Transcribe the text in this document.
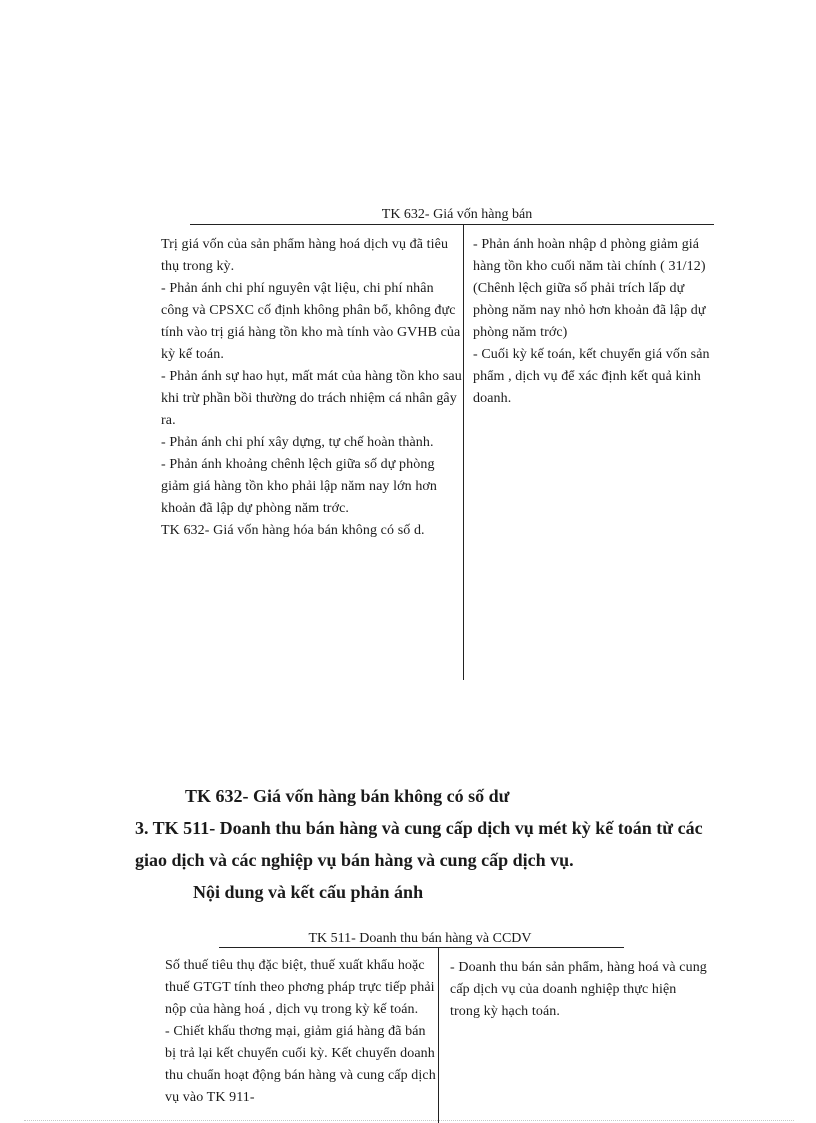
TK 632- Giá vốn hàng bán

Trị giá vốn của sản phẩm hàng hoá dịch vụ đã tiêu thụ trong kỳ.

- Phản ánh chi phí nguyên vật liệu, chi phí nhân công và CPSXC cố định không phân bổ, không đực tính vào trị giá hàng tồn kho mà tính vào GVHB của kỳ kế toán.

- Phản ánh sự hao hụt, mất mát của hàng tồn kho sau khi trừ phần bồi thường do trách nhiệm cá nhân gây ra.

- Phản ánh chi phí xây dựng, tự chế hoàn thành.

- Phản ánh khoảng chênh lệch giữa số dự phòng giảm giá hàng tồn kho phải lập năm nay lớn hơn khoản đã lập dự phòng năm trớc.

TK 632- Giá vốn hàng hóa bán không có số d.

- Phản ánh hoàn nhập d phòng giảm giá hàng tồn kho cuối năm tài chính ( 31/12) (Chênh lệch giữa số phải trích lấp dự phòng năm nay nhỏ hơn khoản đã lập dự phòng năm trớc)

- Cuối kỳ kế toán, kết chuyển giá vốn sản phẩm , dịch vụ để xác định kết quả kinh doanh.

TK 632- Giá vốn hàng bán không có số dư
3. TK 511- Doanh thu bán hàng và cung cấp dịch vụ mét kỳ kế toán từ các
giao dịch và các nghiệp vụ bán hàng và cung cấp dịch vụ.
Nội dung và kết cấu phản ánh
TK 511- Doanh thu bán hàng và CCDV

Số thuế tiêu thụ đặc biệt, thuế xuất khẩu hoặc thuế GTGT tính theo phơng pháp trực tiếp phải nộp của hàng hoá , dịch vụ trong kỳ kế toán.

- Chiết khấu thơng mại, giảm giá hàng đã bán bị trả lại kết chuyển cuối kỳ. Kết chuyển doanh thu chuẩn hoạt động bán hàng và cung cấp dịch vụ vào TK 911-

- Doanh thu bán sản phẩm, hàng hoá và cung cấp dịch vụ của doanh nghiệp thực hiện trong kỳ hạch toán.
